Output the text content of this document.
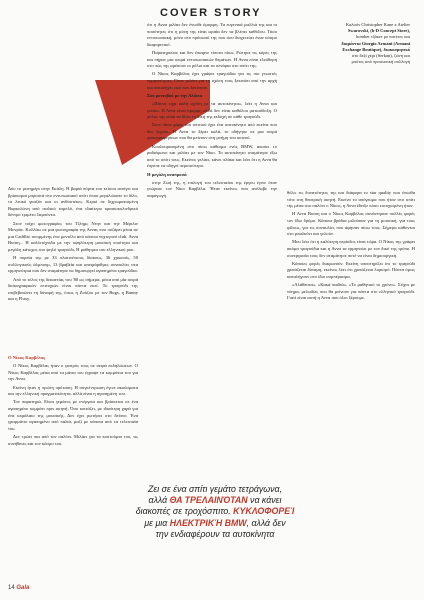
COVER STORY
Καλσόν Christopher Kane x Atelier
Swarovski, (b-D Concept Store),
bomber τζάκετ με πατέτες και
διαμάντια Giorgio Armani (Armani
Exchange Boutique), διακοσμητικό
στο δεξί χέρι (Serkan), ζώνη και
μπότες από προσωπική συλλογή

Δύο το μεσημέρι στην Εκάλη. Η βαριά πόρτα του κτίσου ανοίγει και βρίσκομαι μπροστά στο εντυπωσιακό σπίτι όπου μεγαλώσατε το δίλο, το λευκό γκαζόν και οι ανθοστέκες. Κερκί σε διχρωματισμένη Βαρκελώνη από ιταλικό ταμπλό, ένα ιδιαίτερο κρασιοκυλινδρικό δέντρο τριμέτο λαμπόντα.

Στον τοίχο φωτογραφίες του Τζέημς Ντην και την Μέριλιν Μονρόε. Κολλάω σε μια φωτογραφία της Αννας που ποζάρει μέσα σε μια Cadillac σουμμένης ένα μοντέλο από κάποιο νυχτερινό club. Αννα Βισση... Η καλλιτέχνιδα με την υψηλότερη μουσική ποιότητα και μεγάλη κάτοχος στο ψηλό τραγούδι, Η μαθητρια του ελληνικού ροκ.

Η πορεία της με 33 πλατινένιους δίσκους, 36 χρυσούς, 50 συλλογικούς άλμπουμ, 13 βραβεία και απειράριθμες συναυλίες στα ερμηνεύτρια που δεν σταμάτησε να δημιουργεί αγαπημένα τραγούδια.

Από το τέλος της δεκαετίας του '80 ως σήμερα, μέσα από μία σειρά δισκογραφικών επιτυχιών είναι πάντα εκεί. Το τραγούδι της επιβεβαιώνει τη δύναμή της, όπως η Ζούζου με τον Bugs, η Bunny και η Fluxy.

Ο Νίκος Καρβέλας

Ο Νίκος Καρβέλας ήταν ο γιατρός τους σε σειρά εκδηλώσεων. Ο Νίκος Καρβέλας μέσα από τα μάτια του έγραψε τα κομμάτια του για την Αννα.

Εκείνη ήταν η πρώτη πρόταση. Η συγκέντρωση έγινε ακούσματα και την ελληνική πραγματικότητα, αλλά είναι η αγαπημένη του.

Τον παρατηρώ. Είναι γεμάτος με ενέργεια και βρίσκεται σε ένα αγαπημένο κομμάτι πριν σκηνή. Όσο κοιτάζει, με ιδιαίτερη χαρά για ένα κεφάλαιο της μουσικής. Δεν έχει ρωτήσει στο δείπνο. Ένα γραμμάτιο αγαπημένο από παλιά, μαζί με κάποια από τα τελευταία του.

Δεν τρώει πια από τον σαλόνι. Μιλάει για τα κοστούμια του, τις συνήθειες και τον κόσμο του.

ότι η Αννα μιλάει δεν ένιωθε όμορφη. Τα ευγενικά μαλλιά της και οι ποσότητες ότι η μόνη της είναι ωραία δεν τα βλέπει καθόλου. Τόσο εντυπωσιακή, μόνο στο πρόσωπό της που σου διοχετεύει έναν κόσμο διαφορετικό.

Παρατηρούσε και δεν έπαιρνε τίποτα πίσω. Ρώτησε τις κόρες της και πήραν μια σειρά εντυπωσιακών θεμάτων. Η Αννα είναι ελεύθερη στο πώς της αρέσουν οι ρόλοι και τα σενάρια στο σπίτι της.

Ο Νίκος Καρβέλας έχει γράψει τραγούδια για τις πιο γνωστές ερμηνεύτριες. Όταν μιλάει για τη σχέση τους ξεκινάει από την αρχή και καταλήγει εκεί που ξεκίνησε.

Σαν μεντεβού με την Αλόιτα

«Πάντα είχα καλή σχέση με τα αυτοκίνητα», λέει η Αννα και γελάει. Η Αννα είναι όμορφη αλλά δεν είναι καθόλου ματαιόδοξη. Ο ρόλος της είναι να δίνει τη δική της εκδοχή σε κάθε τραγούδι.

Στον πίσω χώρο του σπιτιού έχει ένα αυτοκίνητο από εκείνα που δεν ξεχνάς. Η Αννα το ξέρει καλά, το οδήγησε σε μια σειρά φωτογραφήσεων που θα μείνουν στη μνήμη του κοινού.

Κουλουριασμένη στο πίσω κάθισμα ενός BMW, ακούει το ραδιόφωνο και μιλάει με τον Νίκο. Το αυτοκίνητο σταμάτησε έξω από το σπίτι τους. Εκείνος γελάει, κάνει πλάκα και λέει ότι η Αννα θα έπρεπε να οδηγεί περισσότερο.

Η μεγάλη αναπροσά

στην Ζωή της, η επιλογή του τελευταίου της έργου έγινε όταν γνώρισε τον Νίκο Καρβέλα. Ήταν εκείνος που ανέλαβε την παραγωγή.

θέλω τις δυνατότητες της και διάφορα το star quality που ένιωθα τότε στη θεατρική σκηνή. Εκείνο το απόγευμα που ήταν στο σπίτι της μέσα στο σαλόνι ο Νίκος, η Αννα έδειξε πόσο ευτυχισμένη ήταν.

Η Αννα Βισση και ο Νίκος Καρβέλας συνάντησαν πολλές φορές τον ίδιο δρόμο. Κάποια βράδια μιλούσαν για τη μουσική, για τους φίλους, για τις συναυλίες που άφησαν πίσω τους. Σήμερα κάθονται στο μπαλκόνι και γελούν.

Μου λέει ότι η καλύτερη περίοδος είναι τώρα. Ο Νίκος της γράφει ακόμα τραγούδια και η Αννα τα ερμηνεύει με τον δικό της τρόπο. Η συνεργασία τους δεν σταμάτησε ποτέ να είναι δημιουργική.

Κάποιες φορές διαφωνούν. Εκείνη υποστηρίζει ότι το τραγούδι χρειάζεται δύναμη, εκείνος λέει ότι χρειάζεται λυρισμό. Πάντα όμως καταλήγουν στο ίδιο συμπέρασμα.

«Αλάθευτα», «Κακά παιδιά», «Το μαθητικό το χρόνο». Στίχοι με νόημα, μελωδίες που θα μείνουν για πάντα στο ελληνικό τραγούδι. Γιατί είναι αυτή η Αννα που όλοι ξέρουμε.

Ζει σε ένα σπίτι γεμάτο τετράγωνα,
αλλά ΘΑ ΤΡΕΛΑΙΝΌΤΑΝ να κάνει
διακοπές σε τροχόσπιτο. ΚΥΚΛΟΦΟΡΕΊ
με μια ΗΛΕΚΤΡΙΚΉ BMW, αλλά δεν
την ενδιαφέρουν τα αυτοκίνητα
14 Gala
